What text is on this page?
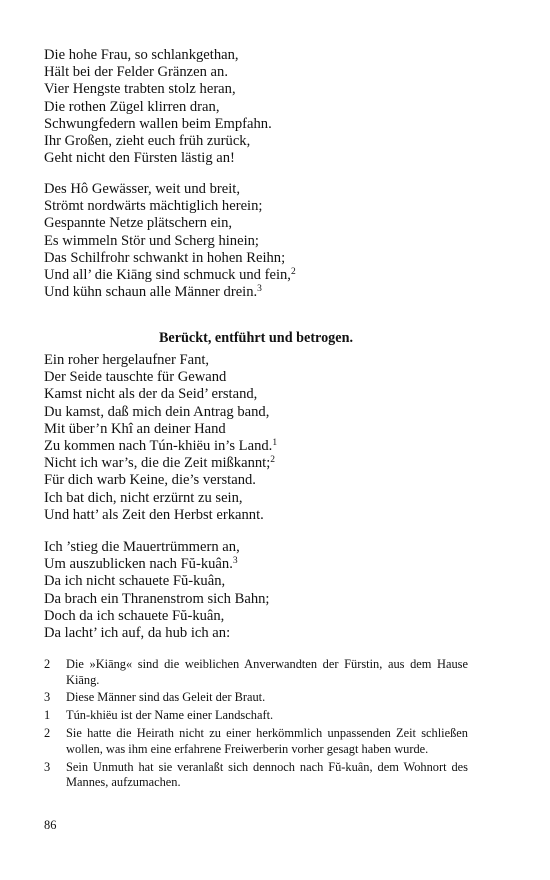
Die hohe Frau, so schlankgethan,
Hält bei der Felder Gränzen an.
Vier Hengste trabten stolz heran,
Die rothen Zügel klirren dran,
Schwungfedern wallen beim Empfahn.
Ihr Großen, zieht euch früh zurück,
Geht nicht den Fürsten lästig an!
Des Hô Gewässer, weit und breit,
Strömt nordwärts mächtiglich herein;
Gespannte Netze plätschern ein,
Es wimmeln Stör und Scherg hinein;
Das Schilfrohr schwankt in hohen Reihn;
Und all’ die Kiāng sind schmuck und fein,$^2$
Und kühn schaun alle Männer drein.$^3$
Berückt, entführt und betrogen.
Ein roher hergelaufner Fant,
Der Seide tauschte für Gewand
Kamst nicht als der da Seid’ erstand,
Du kamst, daß mich dein Antrag band,
Mit über’n Khî an deiner Hand
Zu kommen nach Tún-khiëu in’s Land.$^1$
Nicht ich war’s, die die Zeit mißkannt;$^2$
Für dich warb Keine, die’s verstand.
Ich bat dich, nicht erzürnt zu sein,
Und hatt’ als Zeit den Herbst erkannt.
Ich ’stieg die Mauertrümmern an,
Um auszublicken nach Fŭ-kuân.$^3$
Da ich nicht schauete Fŭ-kuân,
Da brach ein Thranenstrom sich Bahn;
Doch da ich schauete Fŭ-kuân,
Da lacht’ ich auf, da hub ich an:
2	Die »Kiāng« sind die weiblichen Anverwandten der Fürstin, aus dem Hause Kiāng.
3	Diese Männer sind das Geleit der Braut.
1	Tún-khiëu ist der Name einer Landschaft.
2	Sie hatte die Heirath nicht zu einer herkömmlich unpassenden Zeit schließen wollen, was ihm eine erfahrene Freiwerberin vorher gesagt haben wurde.
3	Sein Unmuth hat sie veranlaßt sich dennoch nach Fŭ-kuân, dem Wohnort des Mannes, aufzumachen.
86
